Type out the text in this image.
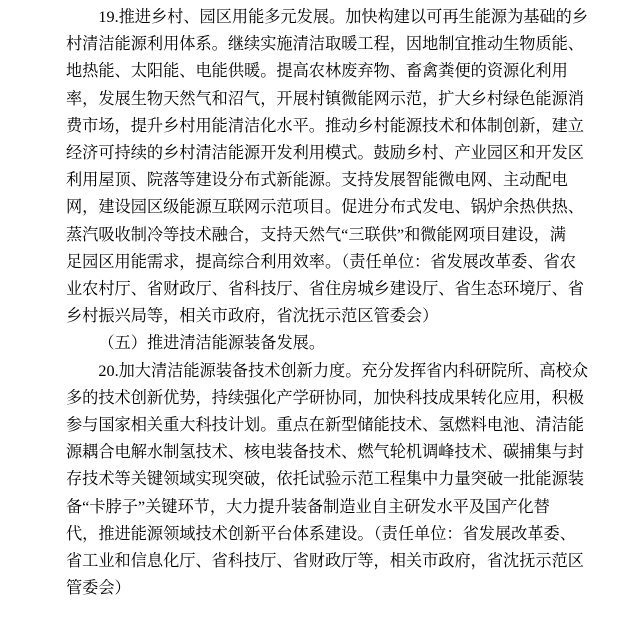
19.推进乡村、园区用能多元发展。加快构建以可再生能源为基础的乡
村清洁能源利用体系。继续实施清洁取暖工程，因地制宜推动生物质能、
地热能、太阳能、电能供暖。提高农林废弃物、畜禽粪便的资源化利用
率，发展生物天然气和沼气，开展村镇微能网示范，扩大乡村绿色能源消
费市场，提升乡村用能清洁化水平。推动乡村能源技术和体制创新，建立
经济可持续的乡村清洁能源开发利用模式。鼓励乡村、产业园区和开发区
利用屋顶、院落等建设分布式新能源。支持发展智能微电网、主动配电
网，建设园区级能源互联网示范项目。促进分布式发电、锅炉余热供热、
蒸汽吸收制冷等技术融合，支持天然气“三联供”和微能网项目建设，满
足园区用能需求，提高综合利用效率。（责任单位：省发展改革委、省农
业农村厅、省财政厅、省科技厅、省住房城乡建设厅、省生态环境厅、省
乡村振兴局等，相关市政府，省沈抚示范区管委会）
（五）推进清洁能源装备发展。
20.加大清洁能源装备技术创新力度。充分发挥省内科研院所、高校众
多的技术创新优势，持续强化产学研协同，加快科技成果转化应用，积极
参与国家相关重大科技计划。重点在新型储能技术、氢燃料电池、清洁能
源耦合电解水制氢技术、核电装备技术、燃气轮机调峰技术、碳捕集与封
存技术等关键领域实现突破，依托试验示范工程集中力量突破一批能源装
备“卡脖子”关键环节，大力提升装备制造业自主研发水平及国产化替
代，推进能源领域技术创新平台体系建设。（责任单位：省发展改革委、
省工业和信息化厅、省科技厅、省财政厅等，相关市政府，省沈抚示范区
管委会）
